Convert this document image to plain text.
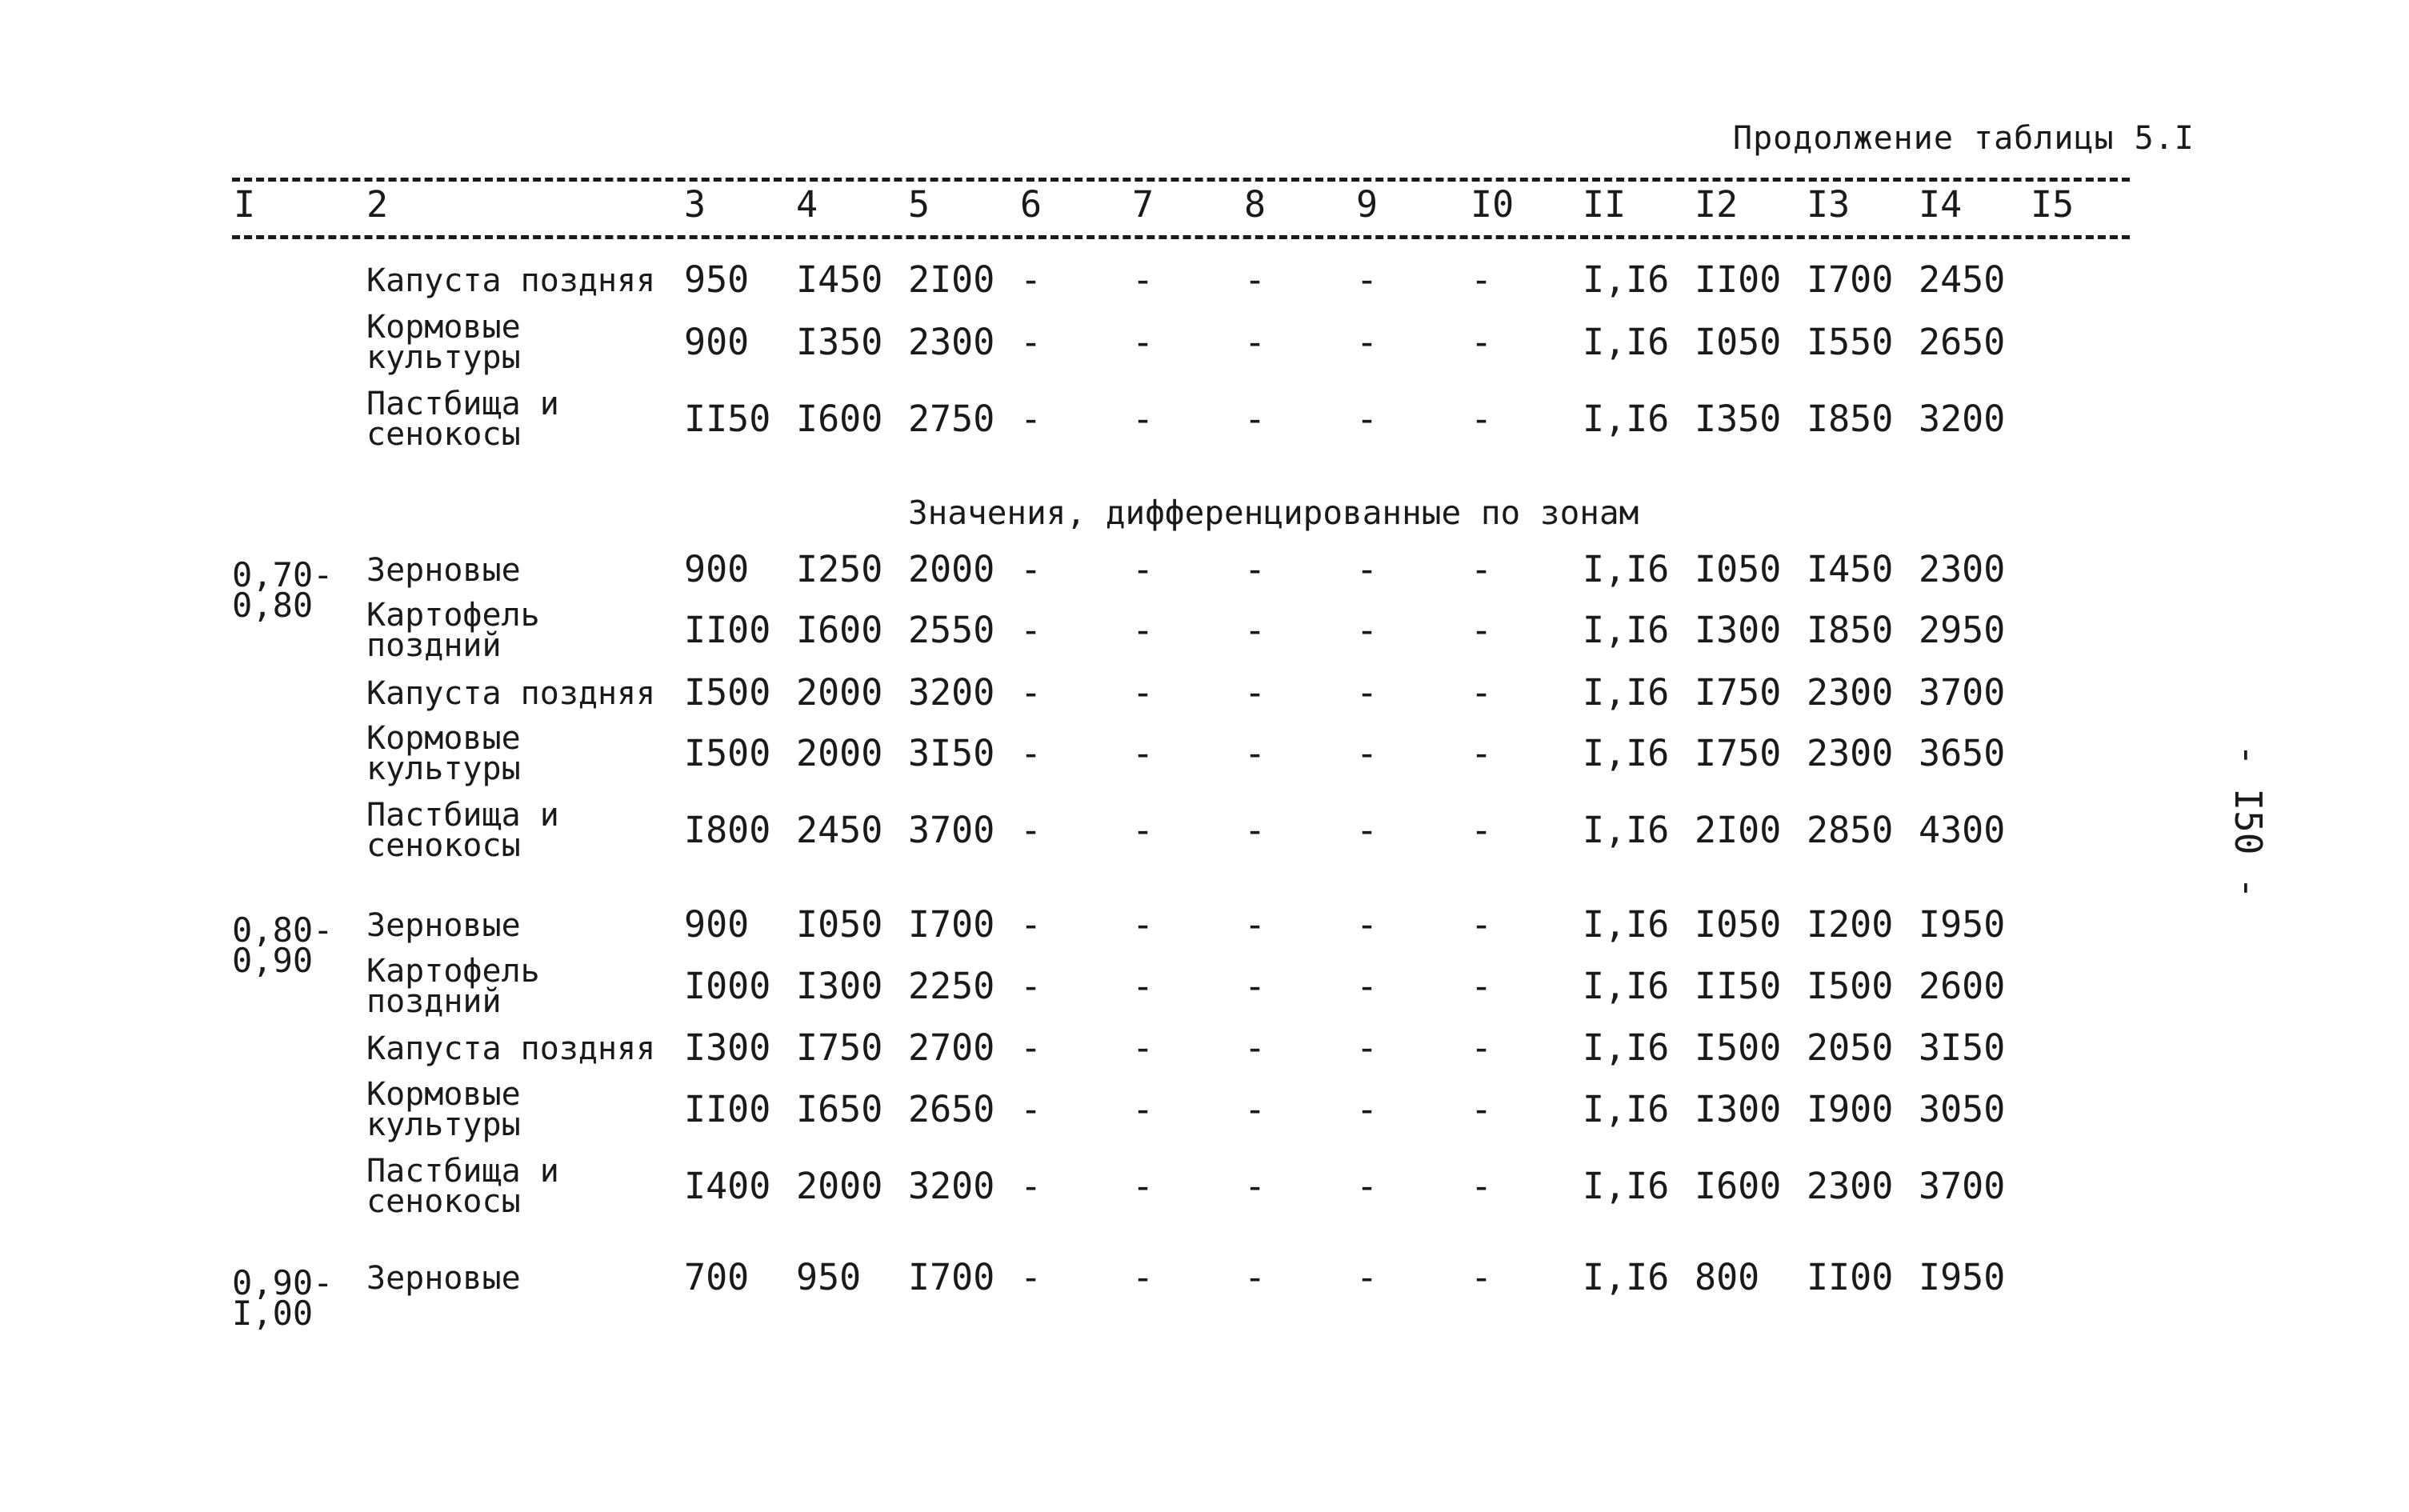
Продолжение таблицы 5.I
- I50 -
I	2	3	4	5	6	7	8	9	I0 II I2 I3 I4 I5
Значения, дифференцированные по зонам
Капуста поздняя 950 I450 2I00 -	-	-	-	-	I,I6 II00 I700 2450
Кормовые
культуры	900 I350 2300 -	-	-	-	-	I,I6 I050 I550 2650
Пастбища и
сенокосы	II50 I600 2750 -	-	-	-	-	I,I6 I350 I850 3200
0,70-
0,80
Зерновые	900 I250 2000 -	-	-	-	-	I,I6 I050 I450 2300
Картофель
поздний	II00 I600 2550 -	-	-	-	-	I,I6 I300 I850 2950
Капуста поздняя I500 2000 3200 -	-	-	-	-	I,I6 I750 2300 3700
Кормовые
культуры	I500 2000 3I50 -	-	-	-	-	I,I6 I750 2300 3650
Пастбища и
сенокосы	I800 2450 3700 -	-	-	-	-	I,I6 2I00 2850 4300
0,80-
0,90
Зерновые	900 I050 I700 -	-	-	-	-	I,I6 I050 I200 I950
Картофель
поздний	I000 I300 2250 -	-	-	-	-	I,I6 II50 I500 2600
Капуста поздняя I300 I750 2700 -	-	-	-	-	I,I6 I500 2050 3I50
Кормовые
культуры	II00 I650 2650 -	-	-	-	-	I,I6 I300 I900 3050
Пастбища и
сенокосы	I400 2000 3200 -	-	-	-	-	I,I6 I600 2300 3700
0,90-
I,00
Зерновые	700 950 I700 -	-	-	-	-	I,I6 800 II00 I950
